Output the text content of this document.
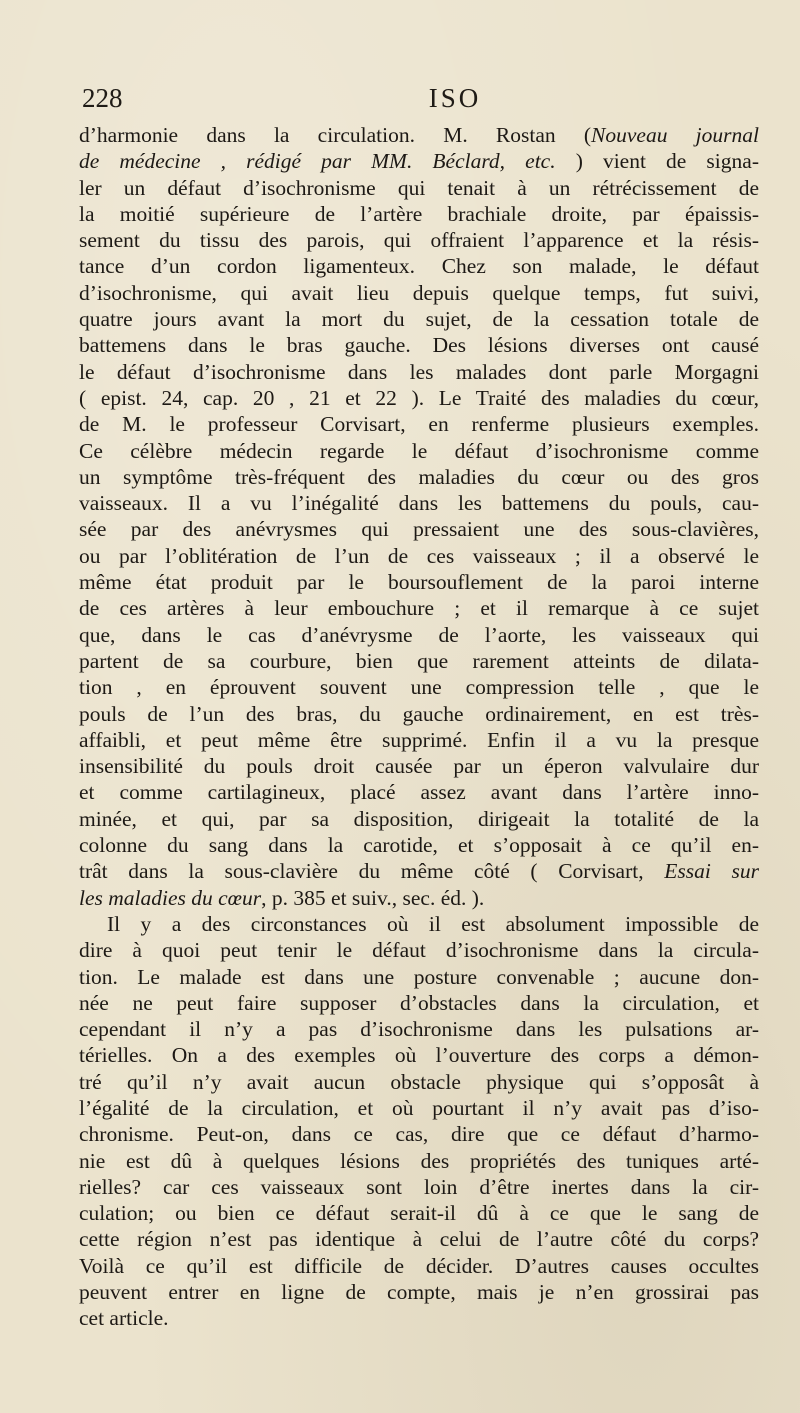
228	ISO
d’harmonie dans la circulation. M. Rostan (Nouveau journal
de médecine , rédigé par MM. Béclard, etc. ) vient de signa-
ler un défaut d’isochronisme qui tenait à un rétrécissement de
la moitié supérieure de l’artère brachiale droite, par épaissis-
sement du tissu des parois, qui offraient l’apparence et la résis-
tance d’un cordon ligamenteux. Chez son malade, le défaut
d’isochronisme, qui avait lieu depuis quelque temps, fut suivi,
quatre jours avant la mort du sujet, de la cessation totale de
battemens dans le bras gauche. Des lésions diverses ont causé
le défaut d’isochronisme dans les malades dont parle Morgagni
( epist. 24, cap. 20 , 21 et 22 ). Le Traité des maladies du cœur,
de M. le professeur Corvisart, en renferme plusieurs exemples.
Ce célèbre médecin regarde le défaut d’isochronisme comme
un symptôme très-fréquent des maladies du cœur ou des gros
vaisseaux. Il a vu l’inégalité dans les battemens du pouls, cau-
sée par des anévrysmes qui pressaient une des sous-clavières,
ou par l’oblitération de l’un de ces vaisseaux ; il a observé le
même état produit par le boursouflement de la paroi interne
de ces artères à leur embouchure ; et il remarque à ce sujet
que, dans le cas d’anévrysme de l’aorte, les vaisseaux qui
partent de sa courbure, bien que rarement atteints de dilata-
tion , en éprouvent souvent une compression telle , que le
pouls de l’un des bras, du gauche ordinairement, en est très-
affaibli, et peut même être supprimé. Enfin il a vu la presque
insensibilité du pouls droit causée par un éperon valvulaire dur
et comme cartilagineux, placé assez avant dans l’artère inno-
minée, et qui, par sa disposition, dirigeait la totalité de la
colonne du sang dans la carotide, et s’opposait à ce qu’il en-
trât dans la sous-clavière du même côté ( Corvisart, Essai sur
les maladies du cœur, p. 385 et suiv., sec. éd. ).
Il y a des circonstances où il est absolument impossible de
dire à quoi peut tenir le défaut d’isochronisme dans la circula-
tion. Le malade est dans une posture convenable ; aucune don-
née ne peut faire supposer d’obstacles dans la circulation, et
cependant il n’y a pas d’isochronisme dans les pulsations ar-
térielles. On a des exemples où l’ouverture des corps a démon-
tré qu’il n’y avait aucun obstacle physique qui s’opposât à
l’égalité de la circulation, et où pourtant il n’y avait pas d’iso-
chronisme. Peut-on, dans ce cas, dire que ce défaut d’harmo-
nie est dû à quelques lésions des propriétés des tuniques arté-
rielles? car ces vaisseaux sont loin d’être inertes dans la cir-
culation; ou bien ce défaut serait-il dû à ce que le sang de
cette région n’est pas identique à celui de l’autre côté du corps?
Voilà ce qu’il est difficile de décider. D’autres causes occultes
peuvent entrer en ligne de compte, mais je n’en grossirai pas
cet article.
